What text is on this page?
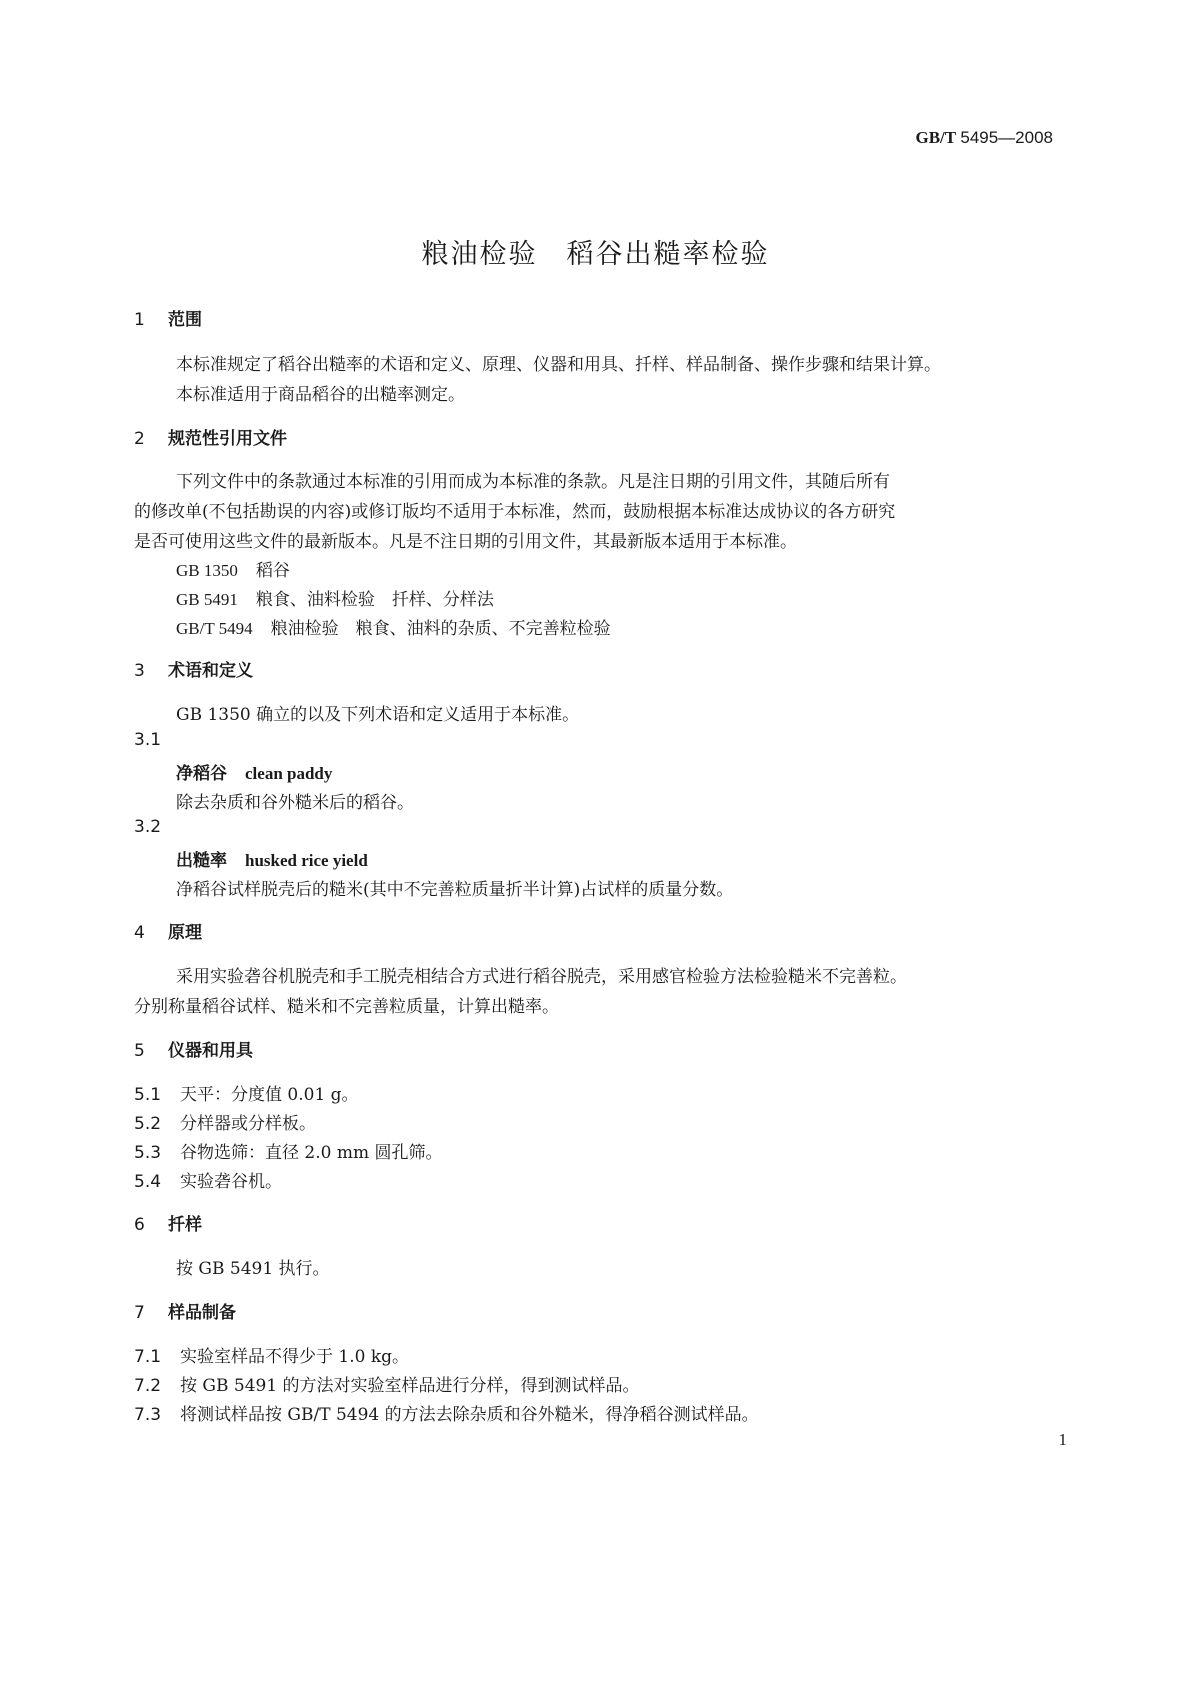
GB/T 5495—2008
粮油检验　稻谷出糙率检验
1 范围
本标准规定了稻谷出糙率的术语和定义、原理、仪器和用具、扦样、样品制备、操作步骤和结果计算。
本标准适用于商品稻谷的出糙率测定。
2 规范性引用文件
下列文件中的条款通过本标准的引用而成为本标准的条款。凡是注日期的引用文件，其随后所有
的修改单(不包括勘误的内容)或修订版均不适用于本标准，然而，鼓励根据本标准达成协议的各方研究
是否可使用这些文件的最新版本。凡是不注日期的引用文件，其最新版本适用于本标准。
GB 1350 稻谷
GB 5491 粮食、油料检验　扦样、分样法
GB/T 5494 粮油检验　粮食、油料的杂质、不完善粒检验
3 术语和定义
GB 1350 确立的以及下列术语和定义适用于本标准。
3.1
净稻谷 clean paddy
除去杂质和谷外糙米后的稻谷。
3.2
出糙率 husked rice yield
净稻谷试样脱壳后的糙米(其中不完善粒质量折半计算)占试样的质量分数。
4 原理
采用实验砻谷机脱壳和手工脱壳相结合方式进行稻谷脱壳，采用感官检验方法检验糙米不完善粒。
分别称量稻谷试样、糙米和不完善粒质量，计算出糙率。
5 仪器和用具
5.1 天平：分度值 0.01 g。
5.2 分样器或分样板。
5.3 谷物选筛：直径 2.0 mm 圆孔筛。
5.4 实验砻谷机。
6 扦样
按 GB 5491 执行。
7 样品制备
7.1 实验室样品不得少于 1.0 kg。
7.2 按 GB 5491 的方法对实验室样品进行分样，得到测试样品。
7.3 将测试样品按 GB/T 5494 的方法去除杂质和谷外糙米，得净稻谷测试样品。
1
